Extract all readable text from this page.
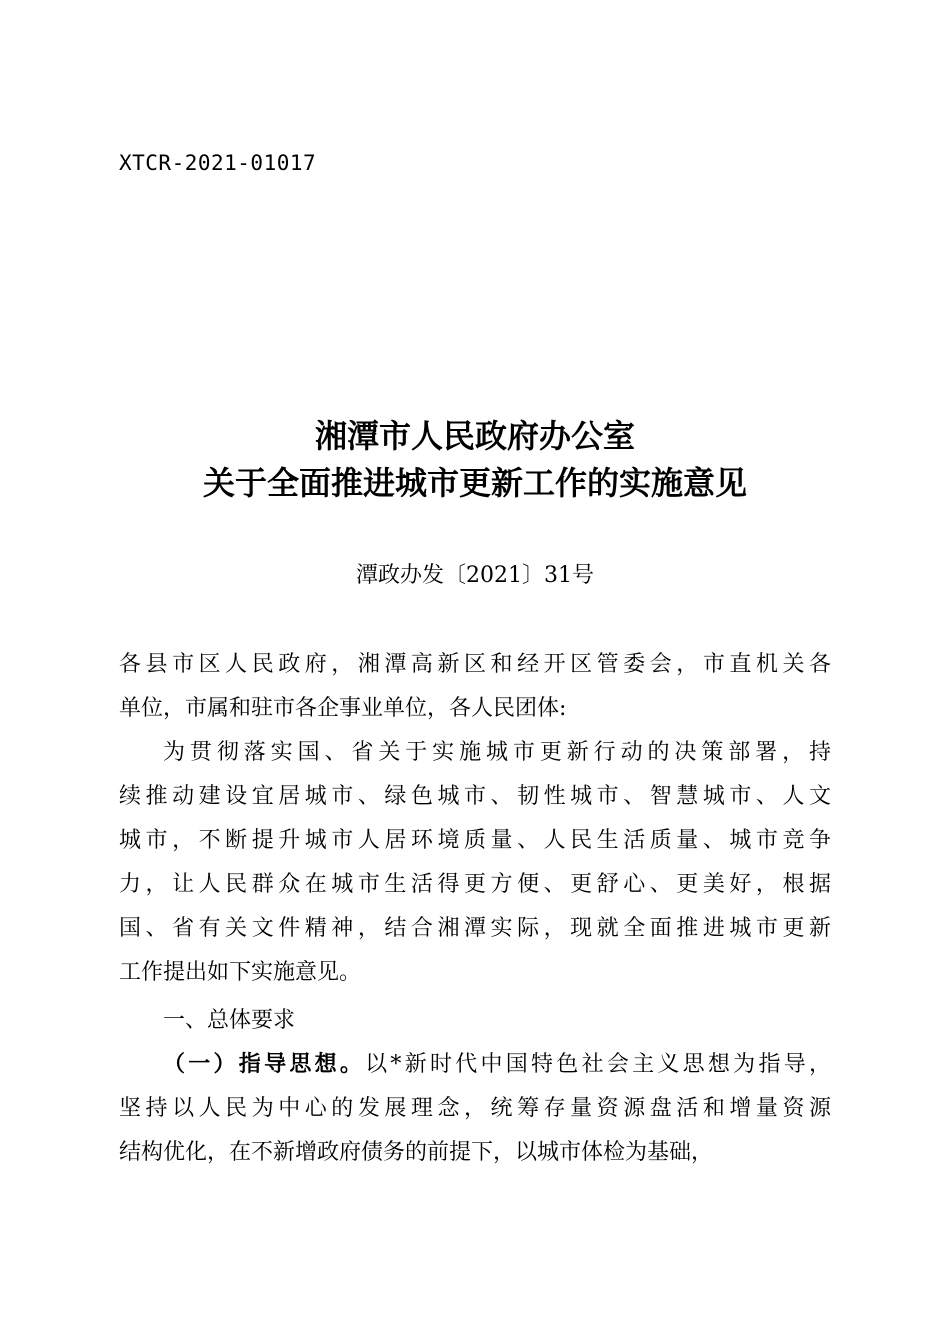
XTCR-2021-01017
湘潭市人民政府办公室
关于全面推进城市更新工作的实施意见
潭政办发〔2021〕31号
各县市区人民政府，湘潭高新区和经开区管委会，市直机关各
单位，市属和驻市各企事业单位，各人民团体:
为贯彻落实国、省关于实施城市更新行动的决策部署，持
续推动建设宜居城市、绿色城市、韧性城市、智慧城市、人文
城市，不断提升城市人居环境质量、人民生活质量、城市竞争
力，让人民群众在城市生活得更方便、更舒心、更美好，根据
国、省有关文件精神，结合湘潭实际，现就全面推进城市更新
工作提出如下实施意见。
一、总体要求
（一）指导思想。以*新时代中国特色社会主义思想为指导，
坚持以人民为中心的发展理念，统筹存量资源盘活和增量资源
结构优化，在不新增政府债务的前提下，以城市体检为基础，
